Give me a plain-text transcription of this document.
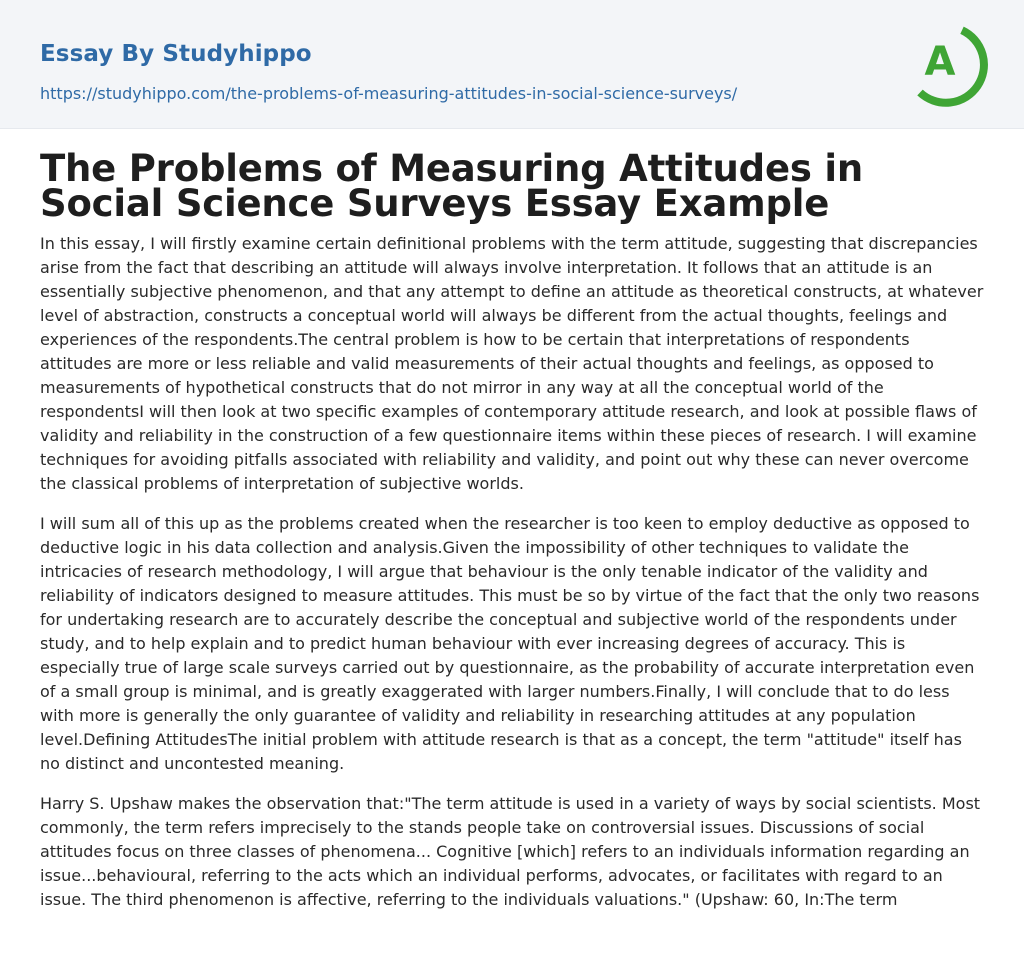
Essay By Studyhippo
https://studyhippo.com/the-problems-of-measuring-attitudes-in-social-science-surveys/
A
The Problems of Measuring Attitudes in Social Science Surveys Essay Example

In this essay, I will firstly examine certain definitional problems with the term attitude, suggesting that discrepancies arise from the fact that describing an attitude will always involve interpretation. It follows that an attitude is an essentially subjective phenomenon, and that any attempt to define an attitude as theoretical constructs, at whatever level of abstraction, constructs a conceptual world will always be different from the actual thoughts, feelings and experiences of the respondents.The central problem is how to be certain that interpretations of respondents attitudes are more or less reliable and valid measurements of their actual thoughts and feelings, as opposed to measurements of hypothetical constructs that do not mirror in any way at all the conceptual world of the respondentsI will then look at two specific examples of contemporary attitude research, and look at possible flaws of validity and reliability in the construction of a few questionnaire items within these pieces of research. I will examine techniques for avoiding pitfalls associated with reliability and validity, and point out why these can never overcome the classical problems of interpretation of subjective worlds.

I will sum all of this up as the problems created when the researcher is too keen to employ deductive as opposed to deductive logic in his data collection and analysis.Given the impossibility of other techniques to validate the intricacies of research methodology, I will argue that behaviour is the only tenable indicator of the validity and reliability of indicators designed to measure attitudes. This must be so by virtue of the fact that the only two reasons for undertaking research are to accurately describe the conceptual and subjective world of the respondents under study, and to help explain and to predict human behaviour with ever increasing degrees of accuracy. This is especially true of large scale surveys carried out by questionnaire, as the probability of accurate interpretation even of a small group is minimal, and is greatly exaggerated with larger numbers.Finally, I will conclude that to do less with more is generally the only guarantee of validity and reliability in researching attitudes at any population level.Defining AttitudesThe initial problem with attitude research is that as a concept, the term "attitude" itself has no distinct and uncontested meaning.

Harry S. Upshaw makes the observation that:"The term attitude is used in a variety of ways by social scientists. Most commonly, the term refers imprecisely to the stands people take on controversial issues. Discussions of social attitudes focus on three classes of phenomena... Cognitive [which] refers to an individuals information regarding an issue...behavioural, referring to the acts which an individual performs, advocates, or facilitates with regard to an issue. The third phenomenon is affective, referring to the individuals valuations." (Upshaw: 60, In:The term
